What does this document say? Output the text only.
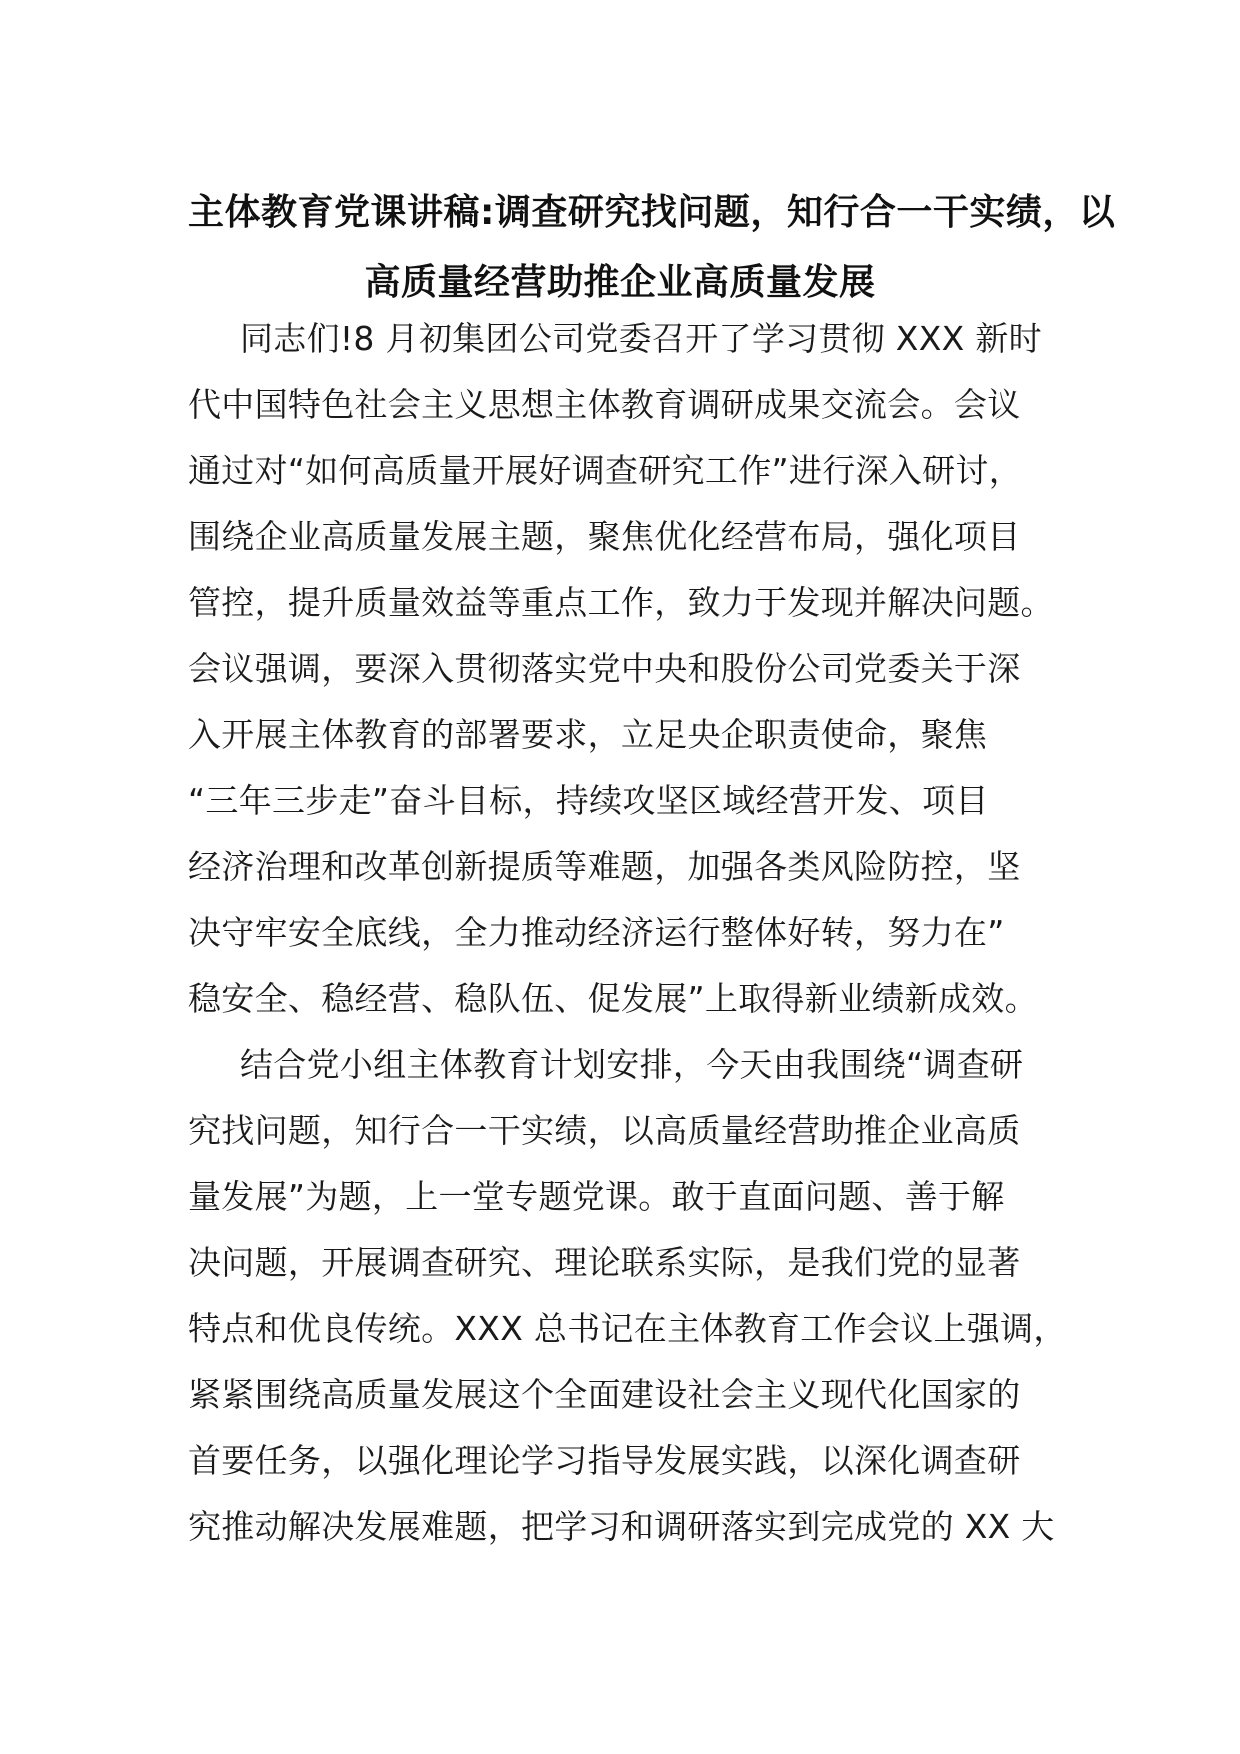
主体教育党课讲稿:调查研究找问题，知行合一干实绩，以
高质量经营助推企业高质量发展
同志们!8 月初集团公司党委召开了学习贯彻 XXX 新时
代中国特色社会主义思想主体教育调研成果交流会。会议
通过对“如何高质量开展好调查研究工作”进行深入研讨，
围绕企业高质量发展主题，聚焦优化经营布局，强化项目
管控，提升质量效益等重点工作，致力于发现并解决问题。
会议强调，要深入贯彻落实党中央和股份公司党委关于深
入开展主体教育的部署要求，立足央企职责使命，聚焦
“三年三步走”奋斗目标，持续攻坚区域经营开发、项目
经济治理和改革创新提质等难题，加强各类风险防控，坚
决守牢安全底线，全力推动经济运行整体好转，努力在”
稳安全、稳经营、稳队伍、促发展”上取得新业绩新成效。
结合党小组主体教育计划安排，今天由我围绕“调查研
究找问题，知行合一干实绩，以高质量经营助推企业高质
量发展”为题，上一堂专题党课。敢于直面问题、善于解
决问题，开展调查研究、理论联系实际，是我们党的显著
特点和优良传统。XXX 总书记在主体教育工作会议上强调，
紧紧围绕高质量发展这个全面建设社会主义现代化国家的
首要任务，以强化理论学习指导发展实践，以深化调查研
究推动解决发展难题，把学习和调研落实到完成党的 XX 大
